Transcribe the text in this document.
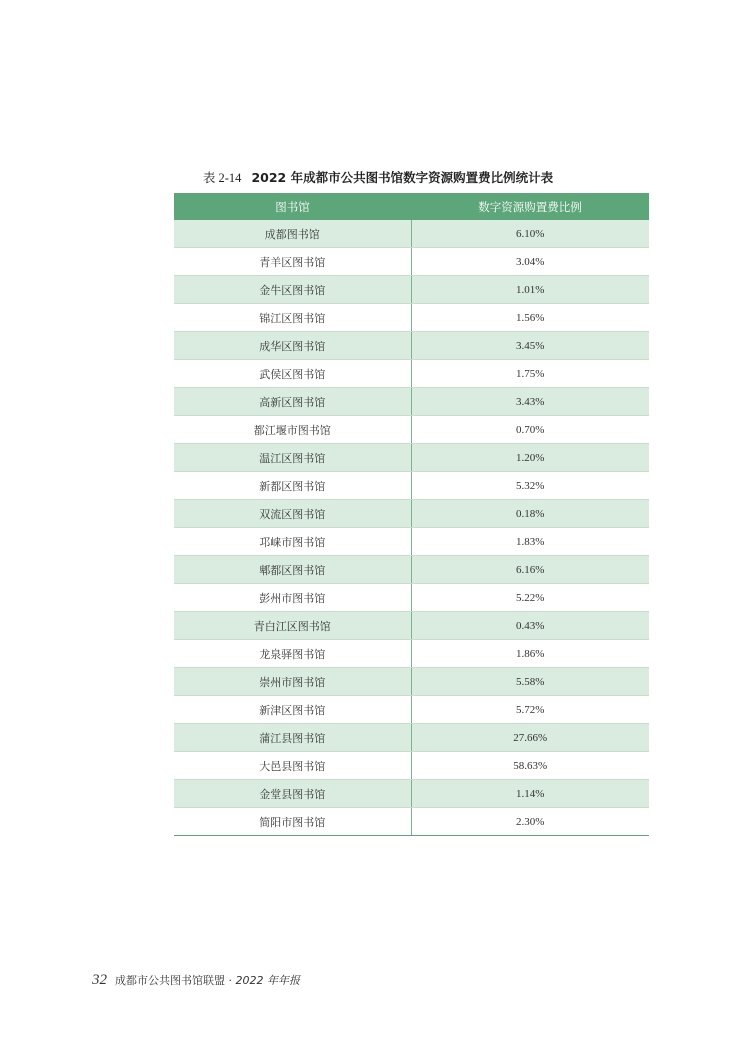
表 2-14 2022 年成都市公共图书馆数字资源购置费比例统计表
图书馆	数字资源购置费比例
成都图书馆	6.10%
青羊区图书馆	3.04%
金牛区图书馆	1.01%
锦江区图书馆	1.56%
成华区图书馆	3.45%
武侯区图书馆	1.75%
高新区图书馆	3.43%
都江堰市图书馆	0.70%
温江区图书馆	1.20%
新都区图书馆	5.32%
双流区图书馆	0.18%
邛崃市图书馆	1.83%
郫都区图书馆	6.16%
彭州市图书馆	5.22%
青白江区图书馆	0.43%
龙泉驿图书馆	1.86%
崇州市图书馆	5.58%
新津区图书馆	5.72%
蒲江县图书馆	27.66%
大邑县图书馆	58.63%
金堂县图书馆	1.14%
简阳市图书馆	2.30%
32 成都市公共图书馆联盟 · 2022 年年报
